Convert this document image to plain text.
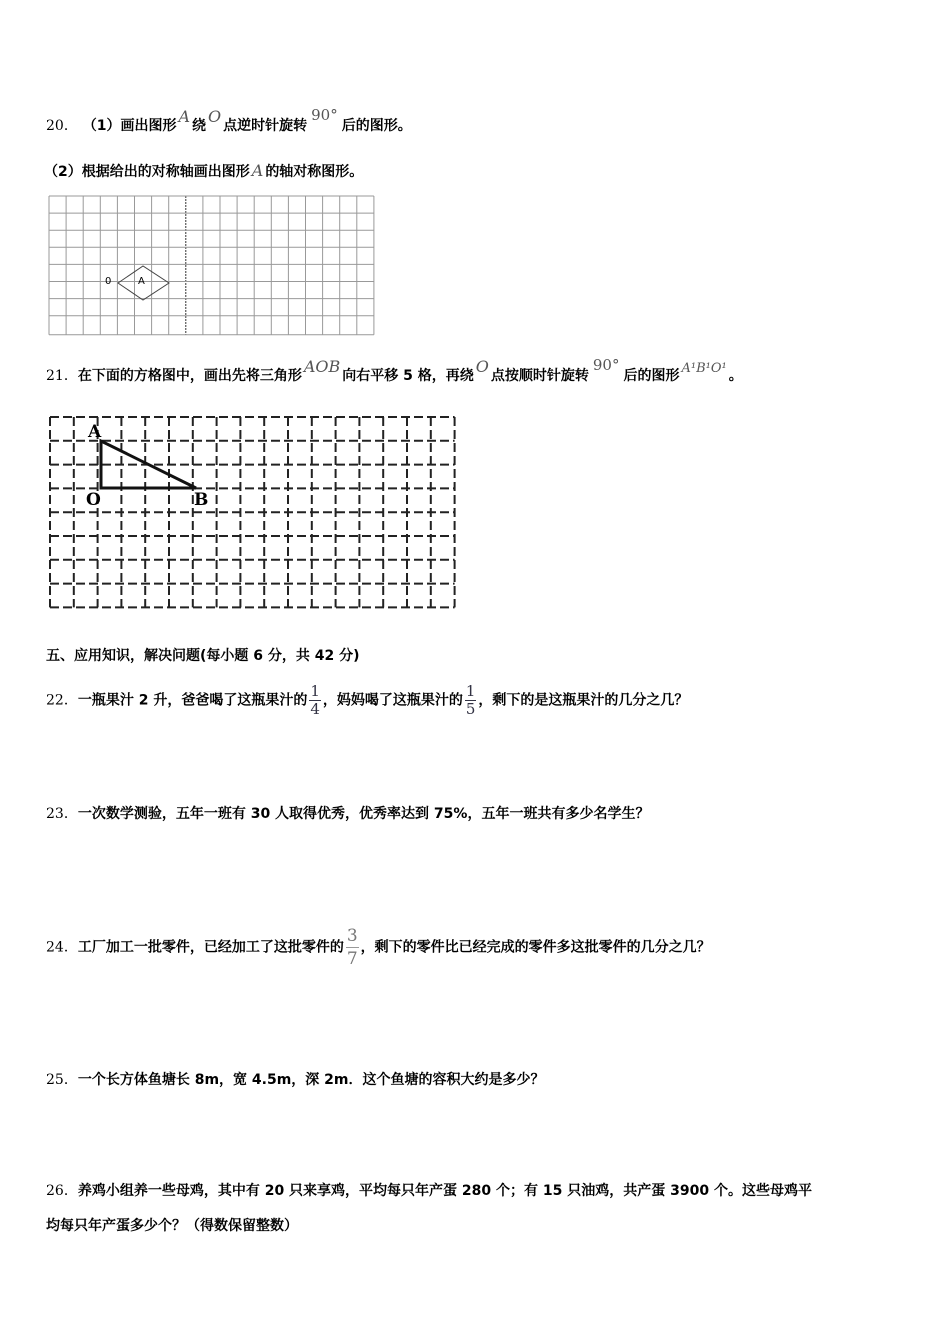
20． （1）画出图形 A 绕 O 点逆时针旋转90°后的图形。
（2）根据给出的对称轴画出图形 A 的轴对称图形。
0	A
21．在下面的方格图中，画出先将三角形 AOB 向右平移 5 格，再绕 O 点按顺时针旋转90°后的图形 A¹B¹O¹ 。
A
O	B
五、应用知识，解决问题(每小题 6 分，共 42 分)
22．一瓶果汁 2 升，爸爸喝了这瓶果汁的 $\frac{1}{4}$ ，妈妈喝了这瓶果汁的 $\frac{1}{5}$ ，剩下的是这瓶果汁的几分之几？
23．一次数学测验，五年一班有 30 人取得优秀，优秀率达到 75%，五年一班共有多少名学生？
24．工厂加工一批零件，已经加工了这批零件的 $\frac{3}{7}$ ，剩下的零件比已经完成的零件多这批零件的几分之几？
25．一个长方体鱼塘长 8m，宽 4.5m，深 2m．这个鱼塘的容积大约是多少？
26．养鸡小组养一些母鸡，其中有 20 只来享鸡，平均每只年产蛋 280 个；有 15 只油鸡，共产蛋 3900 个。这些母鸡平
均每只年产蛋多少个？（得数保留整数）
